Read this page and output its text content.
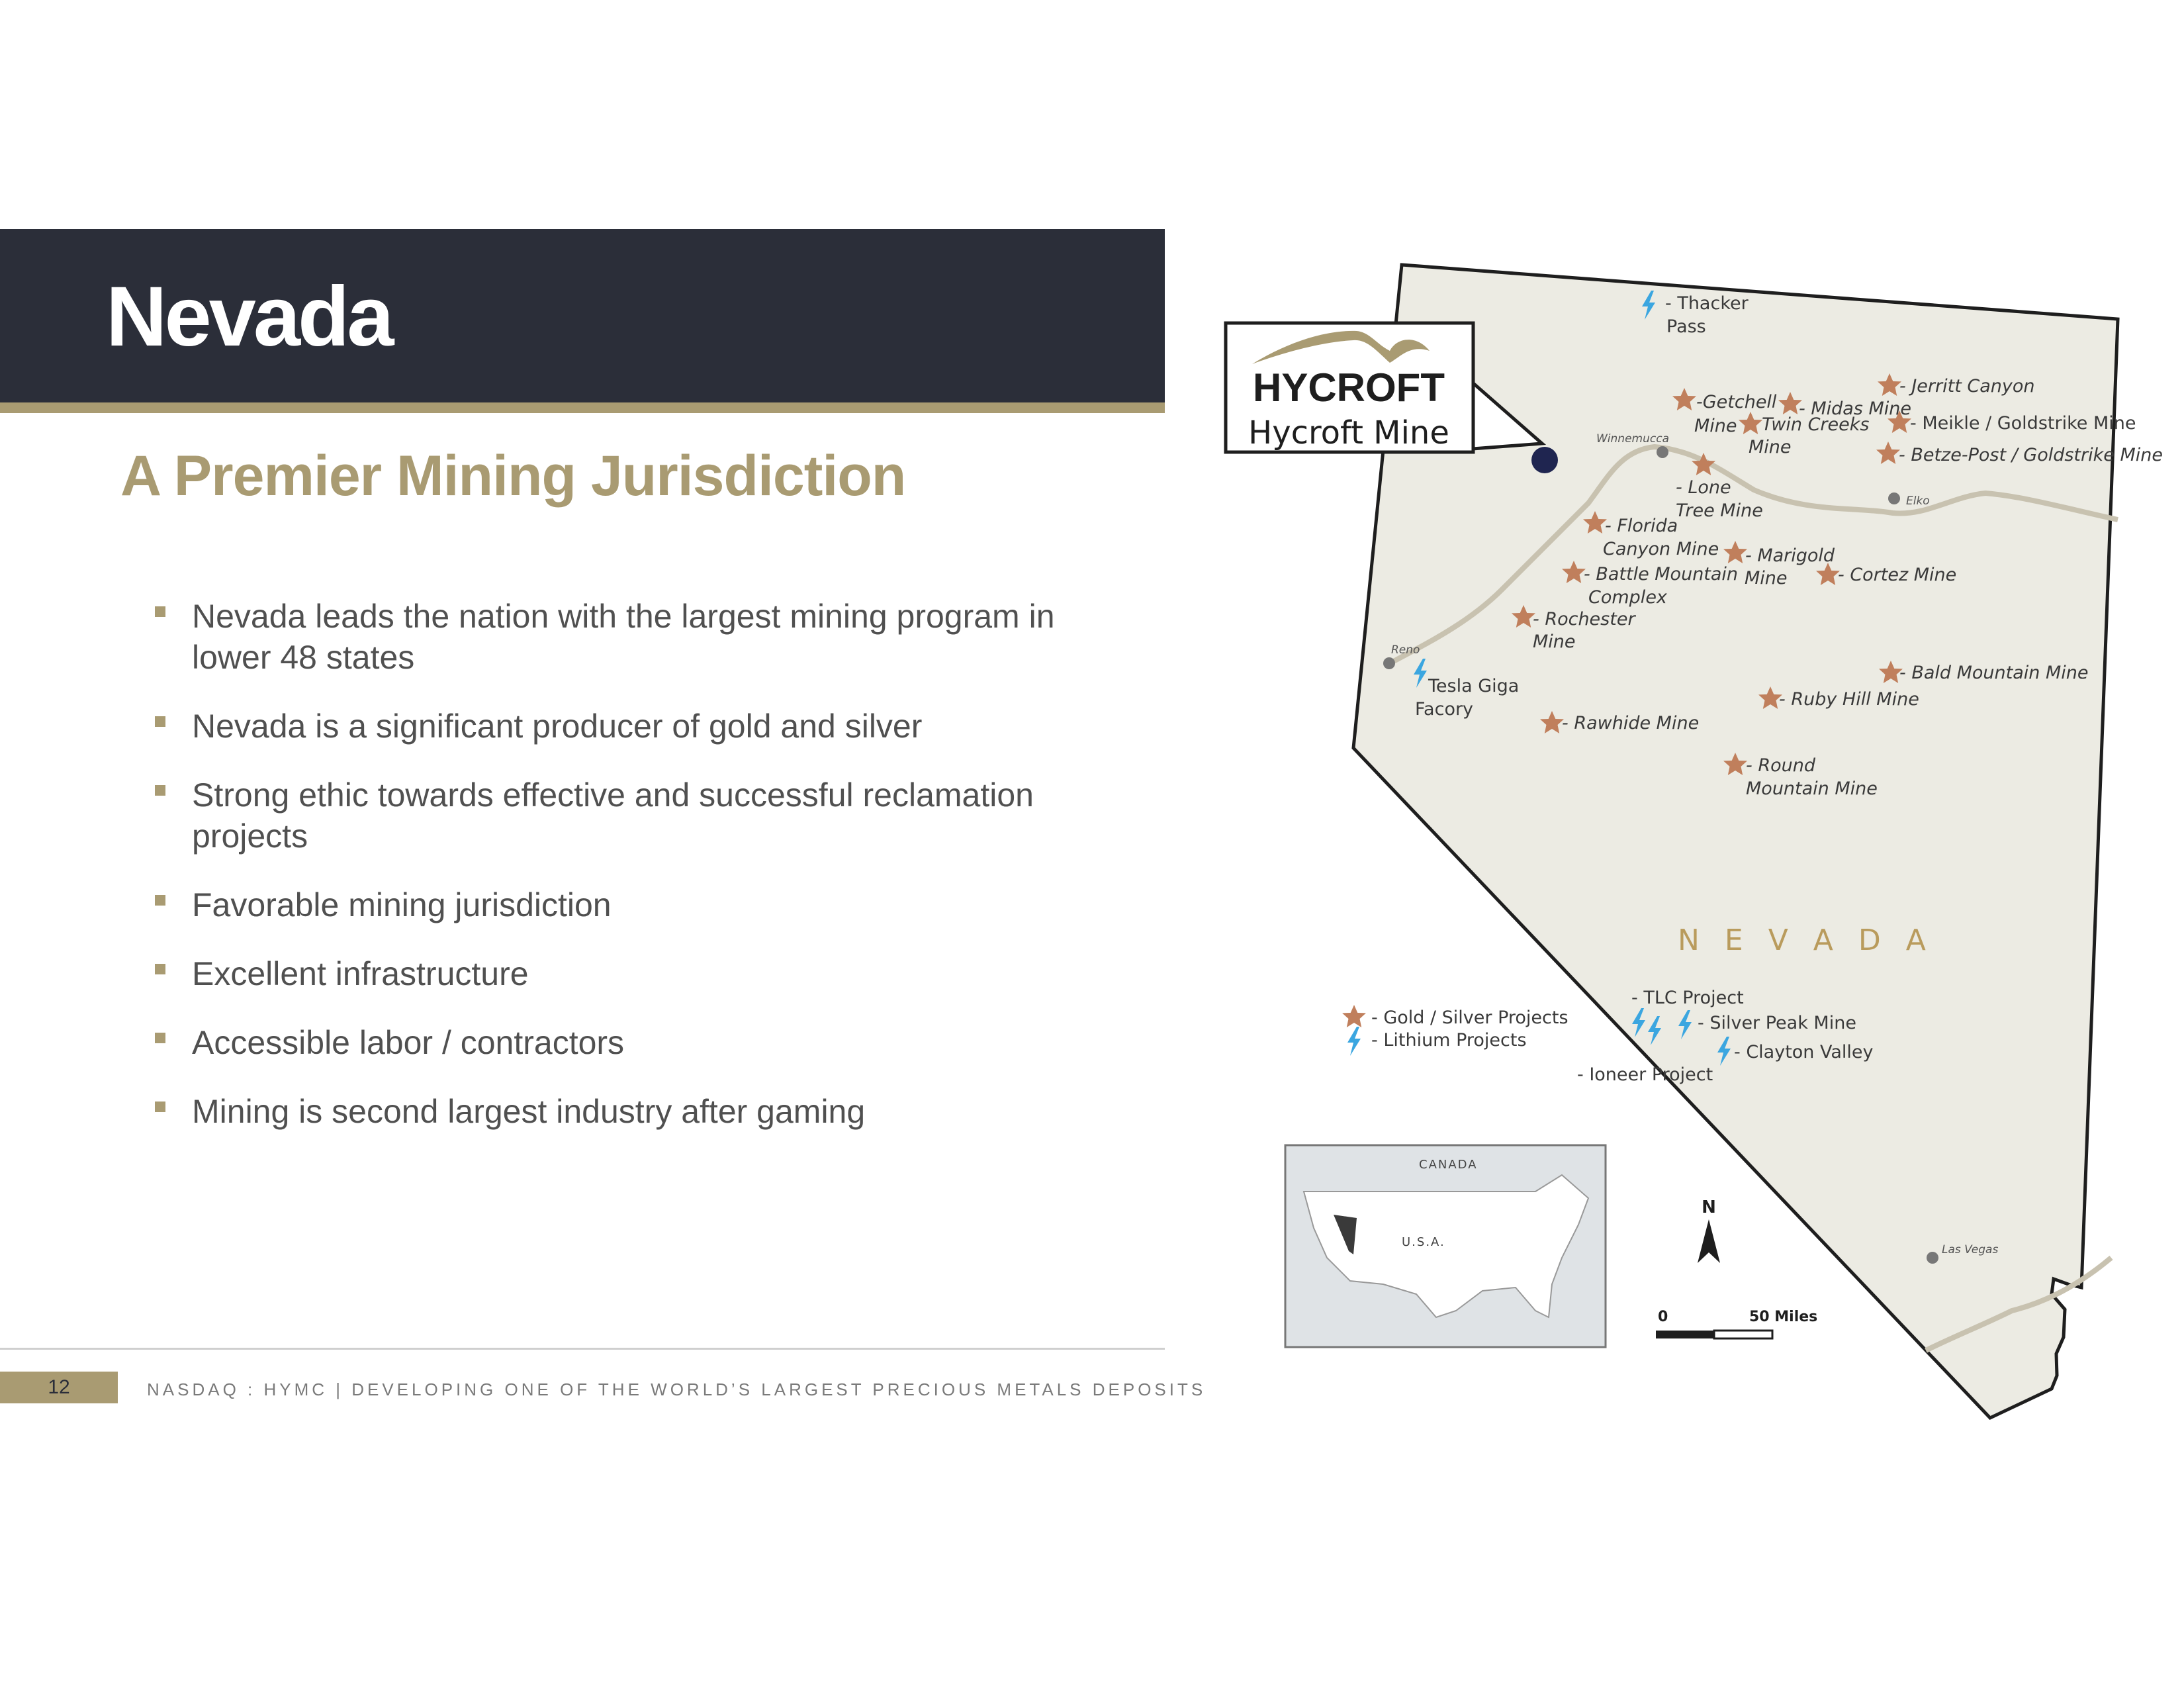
Nevada
A Premier Mining Jurisdiction
Nevada leads the nation with the largest mining program in
lower 48 states
Nevada is a significant producer of gold and silver
Strong ethic towards effective and successful reclamation
projects
Favorable mining jurisdiction
Excellent infrastructure
Accessible labor / contractors
Mining is second largest industry after gaming
12	NASDAQ : HYMC | DEVELOPING ONE OF THE WORLD’S LARGEST PRECIOUS METALS DEPOSITS
HYCROFT
Hycroft Mine	Winnemucca
Elko
Reno
Las Vegas
- Thacker
Pass
-Getchell
Mine
- Midas Mine
Twin Creeks
Mine
- Jerritt Canyon
- Meikle / Goldstrike Mine
- Betze-Post / Goldstrike Mine
- Lone
Tree Mine
- Florida
Canyon Mine - Marigold
Mine	- Cortez Mine
- Battle Mountain
Complex
- Rochester
Mine
Tesla Giga
Facory
- Rawhide Mine
- Bald Mountain Mine
- Ruby Hill Mine
- Round
Mountain Mine
N E V A D A
- TLC Project
- Silver Peak Mine
- Clayton Valley
- Ioneer Project
- Gold / Silver Projects
- Lithium Projects
CANADA
U.S.A.
N
0	50 Miles
